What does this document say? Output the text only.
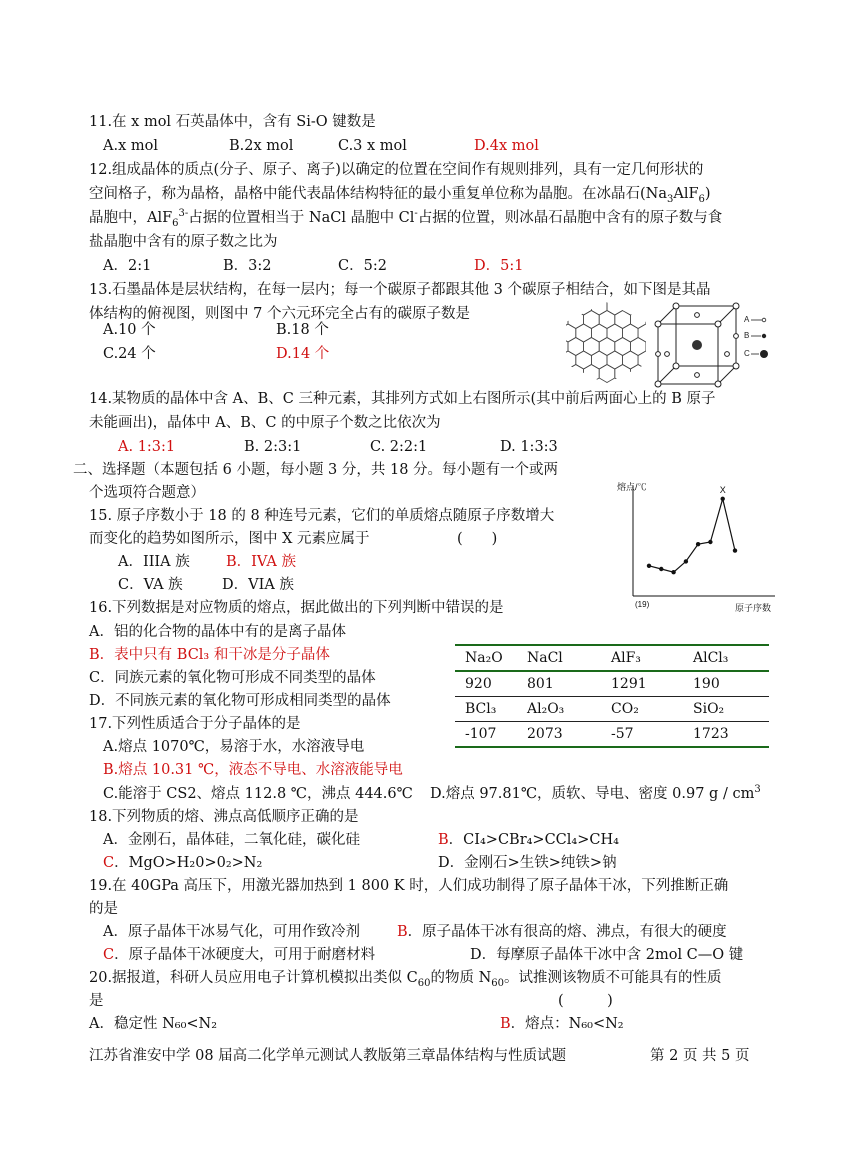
11.在 x mol 石英晶体中，含有 Si-O 键数是
A.x mol	B.2x mol	C.3 x mol	D.4x mol
12.组成晶体的质点(分子、原子、离子)以确定的位置在空间作有规则排列，具有一定几何形状的
空间格子，称为晶格，晶格中能代表晶体结构特征的最小重复单位称为晶胞。在冰晶石$(Na_3AlF_6)$
晶胞中，AlF$_6^{3-}$占据的位置相当于 NaCl 晶胞中 Cl-占据的位置，则冰晶石晶胞中含有的原子数与食
盐晶胞中含有的原子数之比为
A．2:1	B．3:2	C．5:2	D．5:1
13.石墨晶体是层状结构，在每一层内；每一个碳原子都跟其他 3 个碳原子相结合，如下图是其晶
体结构的俯视图，则图中 7 个六元环完全占有的碳原子数是
A.10 个	B.18 个
C.24 个	D.14 个
A
B
C
14.某物质的晶体中含 A、B、C 三种元素，其排列方式如上右图所示(其中前后两面心上的 B 原子
未能画出)，晶体中 A、B、C 的中原子个数之比依次为
A. 1:3:1	B. 2:3:1	C. 2:2:1	D. 1:3:3
二、选择题（本题包括 6 小题，每小题 3 分，共 18 分。每小题有一个或两
个选项符合题意）
15. 原子序数小于 18 的 8 种连号元素，它们的单质熔点随原子序数增大
而变化的趋势如图所示，图中 X 元素应属于	(　　)
A．IIIA 族	B．IVA 族
C．VA 族	D．VIA 族
熔点/℃
原子序数
(19)
X
16.下列数据是对应物质的熔点，据此做出的下列判断中错误的是
A．铝的化合物的晶体中有的是离子晶体
B．表中只有 BCl₃ 和干冰是分子晶体
C．同族元素的氧化物可形成不同类型的晶体
D．不同族元素的氧化物可形成相同类型的晶体
Na₂O	NaCl	AlF₃	AlCl₃
920	801	1291	190
BCl₃	Al₂O₃	CO₂	SiO₂
-107	2073	-57	1723
17.下列性质适合于分子晶体的是
A.熔点 1070℃，易溶于水，水溶液导电
B.熔点 10.31 ℃，液态不导电、水溶液能导电
C.能溶于 CS2、熔点 112.8 ℃，沸点 444.6℃ D.熔点 97.81℃，质软、导电、密度 0.97 g / $cm^3$
18.下列物质的熔、沸点高低顺序正确的是
A．金刚石，晶体硅，二氧化硅，碳化硅	B．CI₄>CBr₄>CCl₄>CH₄
C．MgO>H₂0>0₂>N₂	D．金刚石>生铁>纯铁>钠
19.在 40GPa 高压下，用激光器加热到 1 800 K 时，人们成功制得了原子晶体干冰，下列推断正确
的是
A．原子晶体干冰易气化，可用作致冷剂	B．原子晶体干冰有很高的熔、沸点，有很大的硬度
C．原子晶体干冰硬度大，可用于耐磨材料	D．每摩原子晶体干冰中含 2mol C—O 键
20.据报道，科研人员应用电子计算机模拟出类似 $C_{60}$的物质 $N_{60}$。试推测该物质不可能具有的性质
是	(　　　)
A．稳定性 N₆₀<N₂	B．熔点：N₆₀<N₂
江苏省淮安中学 08 届高二化学单元测试人教版第三章晶体结构与性质试题	第 2 页 共 5 页
